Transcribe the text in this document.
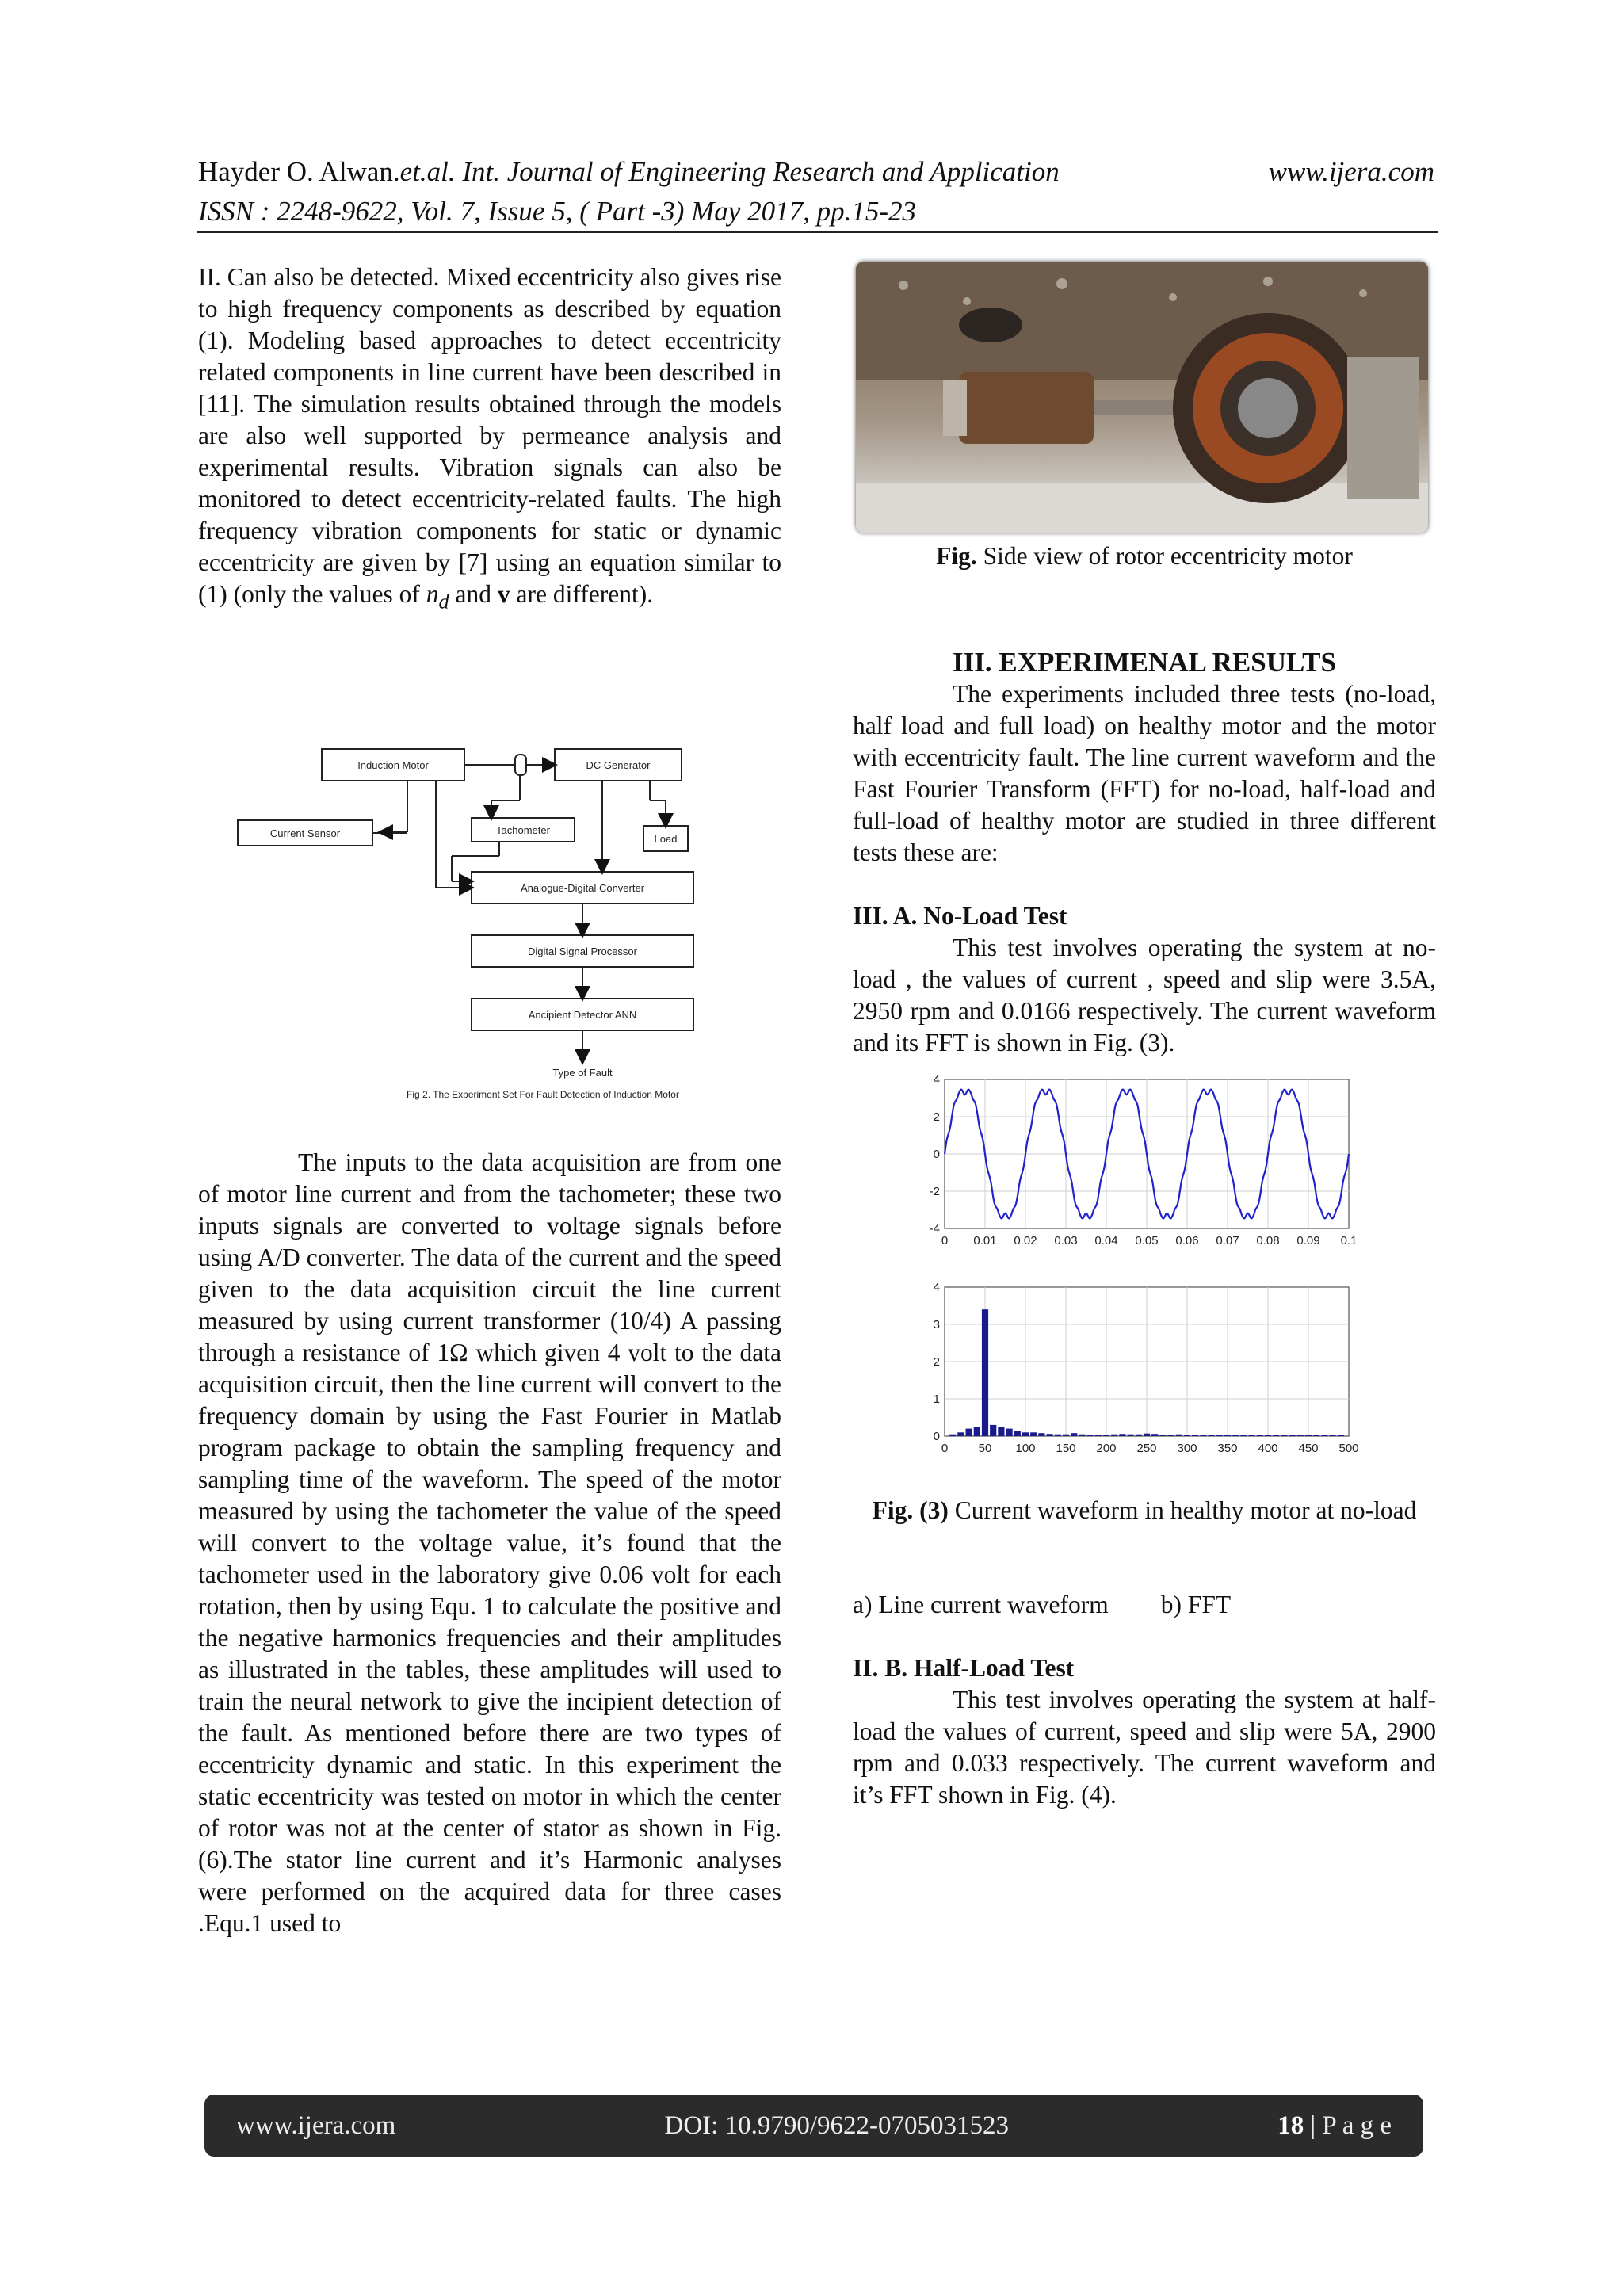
Hayder O. Alwan.et.al. Int. Journal of Engineering Research and Application	www.ijera.com
ISSN : 2248-9622, Vol. 7, Issue 5, ( Part -3) May 2017, pp.15-23

II. Can also be detected. Mixed eccentricity also gives rise to high frequency components as described by equation (1). Modeling based approaches to detect eccentricity related components in line current have been described in [11]. The simulation results obtained through the models are also well supported by permeance analysis and experimental results. Vibration signals can also be monitored to detect eccentricity-related faults. The high frequency vibration components for static or dynamic eccentricity are given by [7] using an equation similar to (1) (only the values of $n_d$ and v are different).

Induction Motor	DC Generator
Current Sensor	Tachometer
Load
Analogue-Digital Converter
Digital Signal Processor
Ancipient Detector ANN
Type of Fault
Fig 2. The Experiment Set For Fault Detection of Induction Motor

The inputs to the data acquisition are from one of motor line current and from the tachometer; these two inputs signals are converted to voltage signals before using A/D converter. The data of the current and the speed given to the data acquisition circuit the line current measured by using current transformer (10/4) A passing through a resistance of 1Ω which given 4 volt to the data acquisition circuit, then the line current will convert to the frequency domain by using the Fast Fourier in Matlab program package to obtain the sampling frequency and sampling time of the waveform. The speed of the motor measured by using the tachometer the value of the speed will convert to the voltage value, it’s found that the tachometer used in the laboratory give 0.06 volt for each rotation, then by using Equ. 1 to calculate the positive and the negative harmonics frequencies and their amplitudes as illustrated in the tables, these amplitudes will used to train the neural network to give the incipient detection of the fault. As mentioned before there are two types of eccentricity dynamic and static. In this experiment the static eccentricity was tested on motor in which the center of rotor was not at the center of stator as shown in Fig.(6).The stator line current and it’s Harmonic analyses were performed on the acquired data for three cases .Equ.1 used to

Fig. Side view of rotor eccentricity motor
III. EXPERIMENAL RESULTS

The experiments included three tests (no-load, half load and full load) on healthy motor and the motor with eccentricity fault. The line current waveform and the Fast Fourier Transform (FFT) for no-load, half-load and full-load of healthy motor are studied in three different tests these are:

III. A. No-Load Test

This test involves operating the system at no-load , the values of current , speed and slip were 3.5A, 2950 rpm and 0.0166 respectively. The current waveform and its FFT is shown in Fig. (3).

0 0.01 0.02 0.03 0.04 0.05 0.06 0.07 0.08 0.09 0.1
4
2
0
-2
-4
0	50 100 150 200 250 300 350 400 450 500
4
3
2
1
0
Fig. (3) Current waveform in healthy motor at no-load
a) Line current waveform b) FFT

II. B. Half-Load Test

This test involves operating the system at half-load the values of current, speed and slip were 5A, 2900 rpm and 0.033 respectively. The current waveform and it’s FFT shown in Fig. (4).

www.ijera.com	DOI: 10.9790/9622-0705031523	18 | P a g e
